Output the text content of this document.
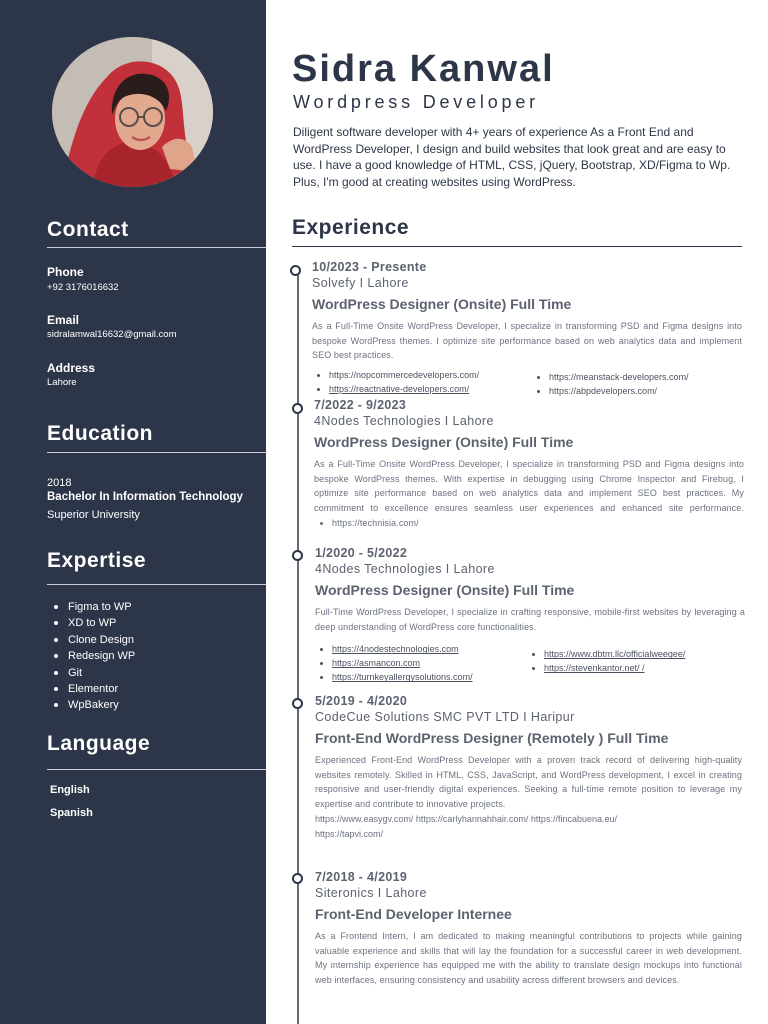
Contact
Phone
+92 3176016632
Email
sidralamwal16632@gmail.com
Address
Lahore
Education
2018
Bachelor In Information Technology
Superior University
Expertise
Figma to WP
XD to WP
Clone Design
Redesign WP
Git
Elementor
WpBakery
Language
English
Spanish
Sidra Kanwal
Wordpress Developer

Diligent software developer with 4+ years of experience As a Front End and WordPress Developer, I design and build websites that look great and are easy to use. I have a good knowledge of HTML, CSS, jQuery, Bootstrap, XD/Figma to Wp. Plus, I'm good at creating websites using WordPress.

Experience
10/2023 - Presente
Solvefy I Lahore
WordPress Designer (Onsite) Full Time

As a Full-Time Onsite WordPress Developer, I specialize in transforming PSD and Figma designs into bespoke WordPress themes. I optimize site performance based on web analytics data and implement SEO best practices.

https://nopcommercedevelopers.com/
https://reactnative-developers.com/
https://meanstack-developers.com/
https://abpdevelopers.com/
7/2022 - 9/2023
4Nodes Technologies I Lahore
WordPress Designer (Onsite) Full Time

As a Full-Time Onsite WordPress Developer, I specialize in transforming PSD and Figma designs into bespoke WordPress themes. With expertise in debugging using Chrome Inspector and Firebug, I optimize site performance based on web analytics data and implement SEO best practices. My commitment to excellence ensures seamless user experiences and enhanced site performance.https://technisia.com/

1/2020 - 5/2022
4Nodes Technologies I Lahore
WordPress Designer (Onsite) Full Time

Full-Time WordPress Developer, I specialize in crafting responsive, mobile-first websites by leveraging a deep understanding of WordPress core functionalities.

https://4nodestechnologies.com
https://asmancon.com
https://turnkeyallergysolutions.com/
https://www.dbtm.llc/officialweegee/
https://stevenkantor.net/ /
5/2019 - 4/2020
CodeCue Solutions SMC PVT LTD I Haripur
Front-End WordPress Designer (Remotely ) Full Time

Experienced Front-End WordPress Developer with a proven track record of delivering high-quality websites remotely. Skilled in HTML, CSS, JavaScript, and WordPress development, I excel in creating responsive and user-friendly digital experiences. Seeking a full-time remote position to leverage my expertise and contribute to innovative projects.

https://www.easygv.com/ https://carlyhannahhair.com/ https://fincabuena.eu/
https://tapvi.com/
7/2018 - 4/2019
Siteronics I Lahore
Front-End Developer Internee

As a Frontend Intern, I am dedicated to making meaningful contributions to projects while gaining valuable experience and skills that will lay the foundation for a successful career in web development. My internship experience has equipped me with the ability to translate design mockups into functional web interfaces, ensuring consistency and usability across different browsers and devices.
